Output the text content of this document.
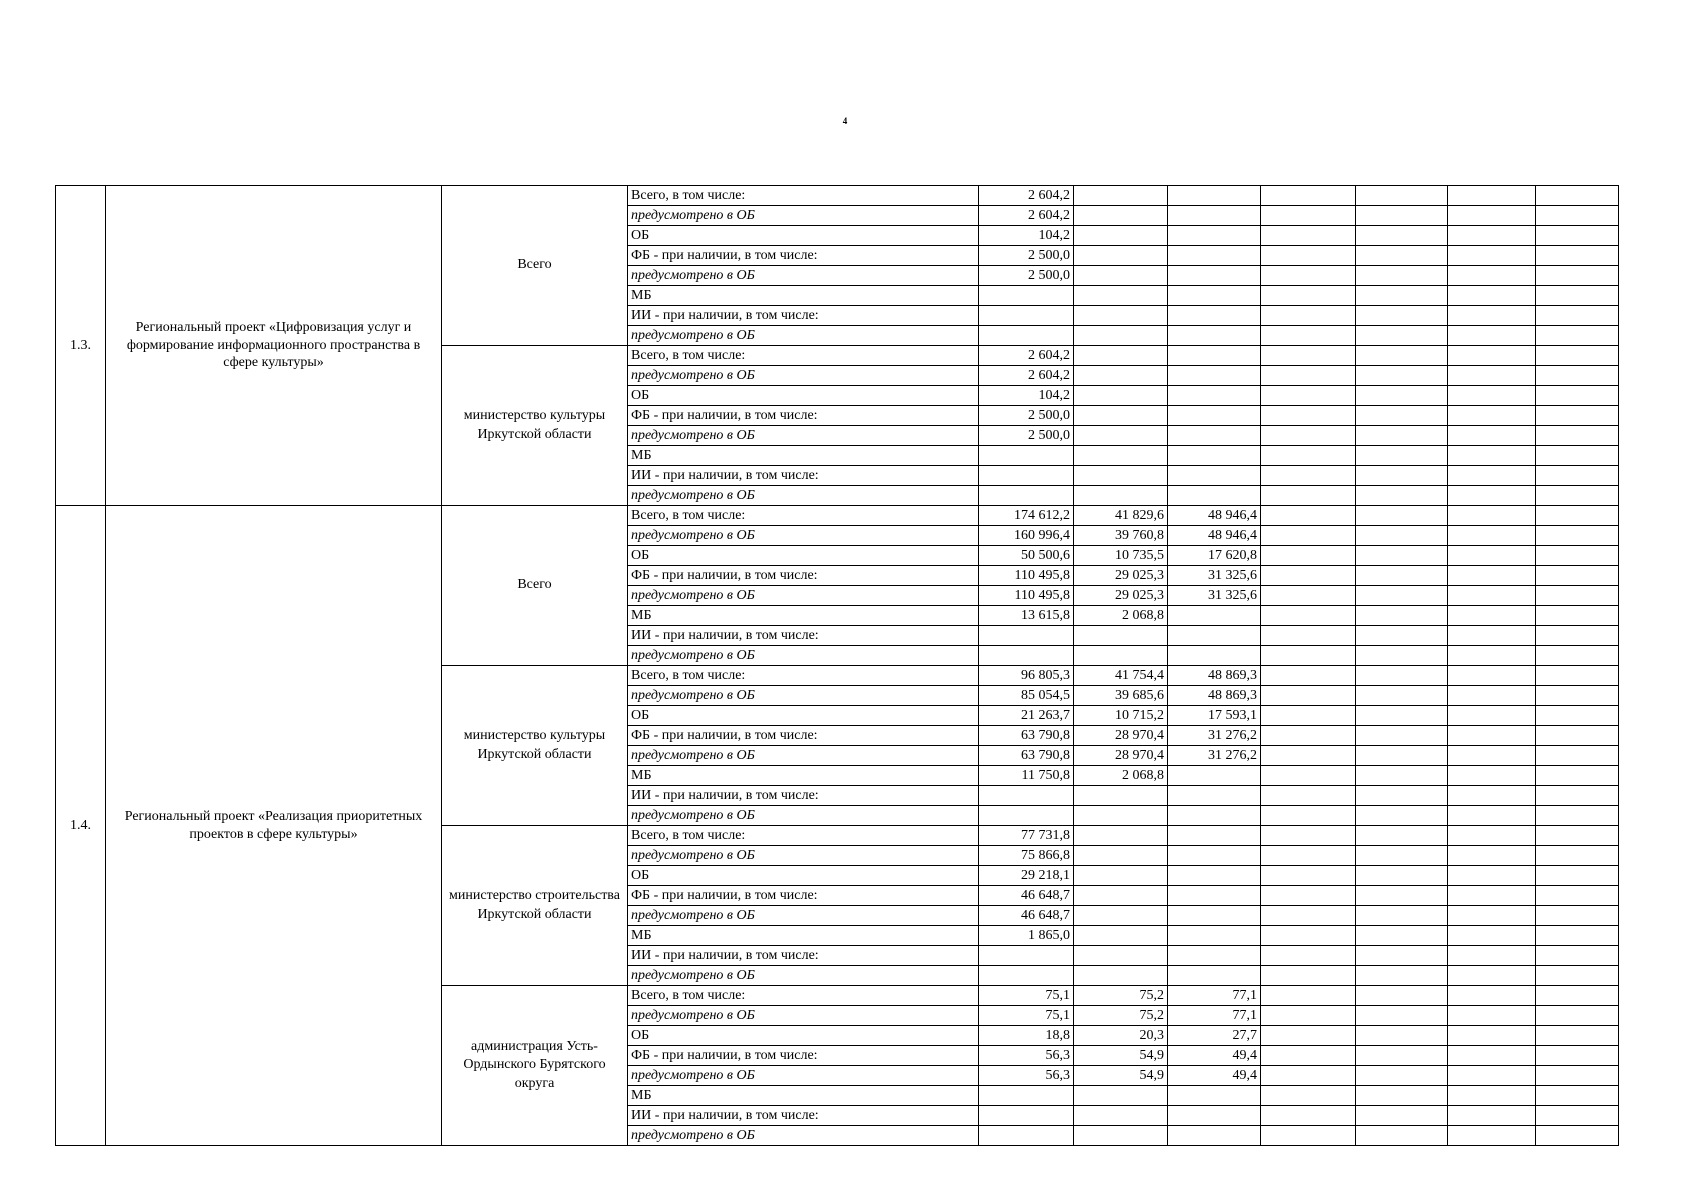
4
1.3.	Региональный проект «Цифровизация услуг и формирование информационного пространства в сфере культуры»	Всего	Всего, в том числе:	2 604,2						
			предусмотрено в ОБ	2 604,2						
			ОБ	104,2						
			ФБ - при наличии, в том числе:	2 500,0						
			предусмотрено в ОБ	2 500,0						
			МБ							
			ИИ - при наличии, в том числе:							
			предусмотрено в ОБ							
		министерство культуры Иркутской области	Всего, в том числе:	2 604,2						
			предусмотрено в ОБ	2 604,2						
			ОБ	104,2						
			ФБ - при наличии, в том числе:	2 500,0						
			предусмотрено в ОБ	2 500,0						
			МБ							
			ИИ - при наличии, в том числе:							
			предусмотрено в ОБ							
1.4.	Региональный проект «Реализация приоритетных проектов в сфере культуры»	Всего	Всего, в том числе:	174 612,2	41 829,6	48 946,4				
			предусмотрено в ОБ	160 996,4	39 760,8	48 946,4				
			ОБ	50 500,6	10 735,5	17 620,8				
			ФБ - при наличии, в том числе:	110 495,8	29 025,3	31 325,6				
			предусмотрено в ОБ	110 495,8	29 025,3	31 325,6				
			МБ	13 615,8	2 068,8					
			ИИ - при наличии, в том числе:							
			предусмотрено в ОБ							
		министерство культуры Иркутской области	Всего, в том числе:	96 805,3	41 754,4	48 869,3				
			предусмотрено в ОБ	85 054,5	39 685,6	48 869,3				
			ОБ	21 263,7	10 715,2	17 593,1				
			ФБ - при наличии, в том числе:	63 790,8	28 970,4	31 276,2				
			предусмотрено в ОБ	63 790,8	28 970,4	31 276,2				
			МБ	11 750,8	2 068,8					
			ИИ - при наличии, в том числе:							
			предусмотрено в ОБ							
		министерство строительства Иркутской области	Всего, в том числе:	77 731,8						
			предусмотрено в ОБ	75 866,8						
			ОБ	29 218,1						
			ФБ - при наличии, в том числе:	46 648,7						
			предусмотрено в ОБ	46 648,7						
			МБ	1 865,0						
			ИИ - при наличии, в том числе:							
			предусмотрено в ОБ							
		администрация Усть-Ордынского Бурятского округа	Всего, в том числе:	75,1	75,2	77,1				
			предусмотрено в ОБ	75,1	75,2	77,1				
			ОБ	18,8	20,3	27,7				
			ФБ - при наличии, в том числе:	56,3	54,9	49,4				
			предусмотрено в ОБ	56,3	54,9	49,4				
			МБ							
			ИИ - при наличии, в том числе:							
			предусмотрено в ОБ							
